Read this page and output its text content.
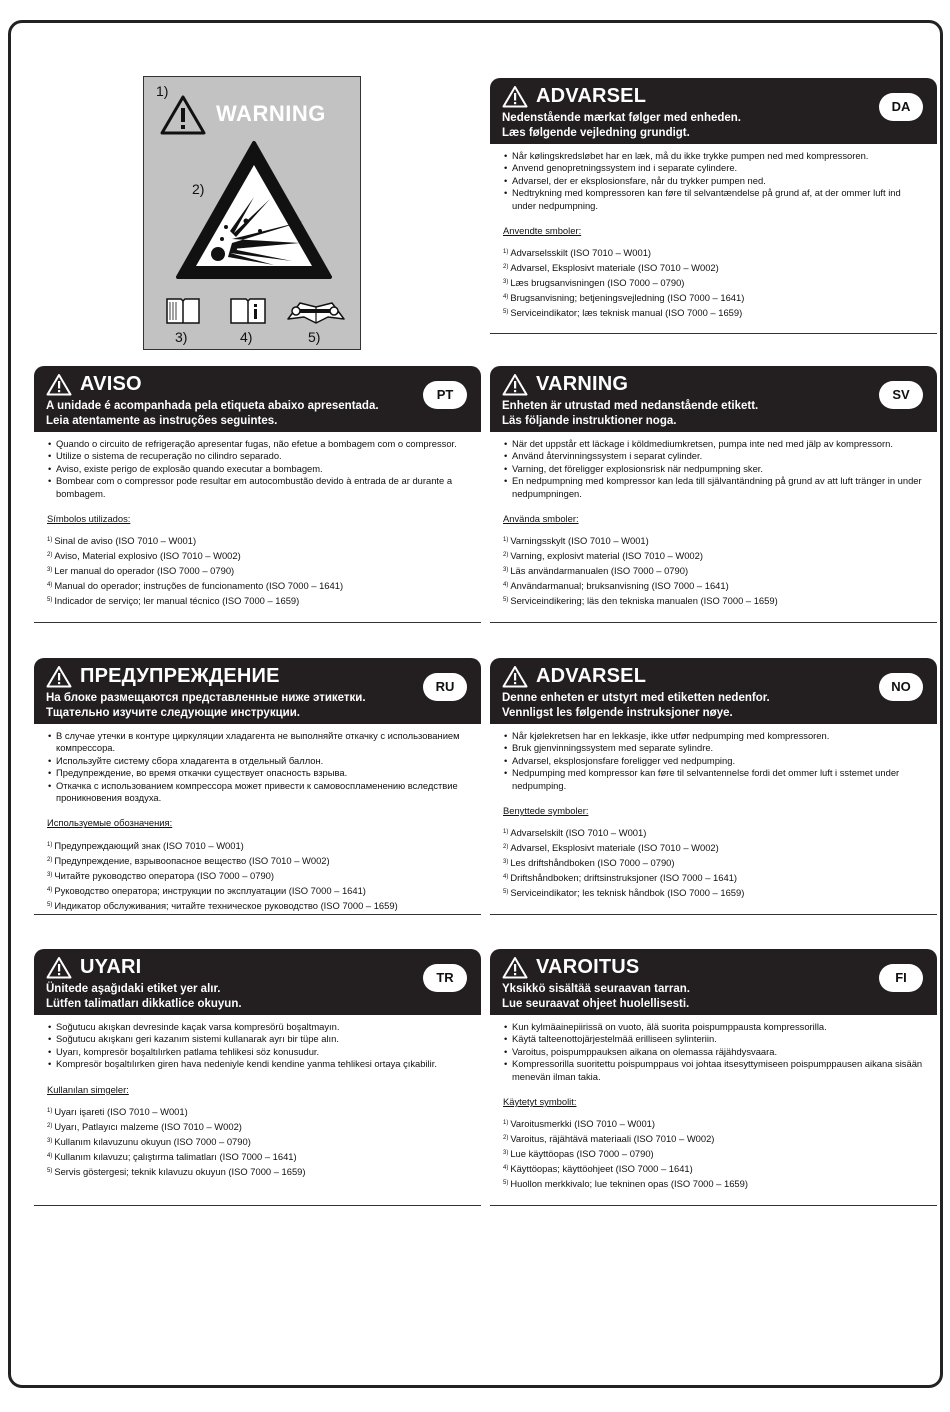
1)
WARNING
2)
3)	4)	5)
ADVARSEL
Nedenstående mærkat følger med enheden.
Læs følgende vejledning grundigt.
DA
• Når kølingskredsløbet har en læk, må du ikke trykke pumpen ned med kompressoren.
• Anvend genopretningssystem ind i separate cylindere.
• Advarsel, der er eksplosionsfare, når du trykker pumpen ned.
• Nedtrykning med kompressoren kan føre til selvantændelse på grund af, at der ommer luft ind under nedpumpning.
Anvendte smboler:

$^{1)}$ Advarselsskilt (ISO 7010 – W001)

$^{2)}$ Advarsel, Eksplosivt materiale (ISO 7010 – W002)

$^{3)}$ Læs brugsanvisningen (ISO 7000 – 0790)

$^{4)}$ Brugsanvisning; betjeningsvejledning (ISO 7000 – 1641)

$^{5)}$ Serviceindikator; læs teknisk manual (ISO 7000 – 1659)

AVISO
A unidade é acompanhada pela etiqueta abaixo apresentada.
Leia atentamente as instruções seguintes.
PT
• Quando o circuito de refrigeração apresentar fugas, não efetue a bombagem com o compressor.
• Utilize o sistema de recuperação no cilindro separado.
• Aviso, existe perigo de explosão quando executar a bombagem.
• Bombear com o compressor pode resultar em autocombustão devido à entrada de ar durante a bombagem.
Símbolos utilizados:

$^{1)}$ Sinal de aviso (ISO 7010 – W001)

$^{2)}$ Aviso, Material explosivo (ISO 7010 – W002)

$^{3)}$ Ler manual do operador (ISO 7000 – 0790)

$^{4)}$ Manual do operador; instruções de funcionamento (ISO 7000 – 1641)

$^{5)}$ Indicador de serviço; ler manual técnico (ISO 7000 – 1659)

VARNING
Enheten är utrustad med nedanstående etikett.
Läs följande instruktioner noga.
SV
• När det uppstår ett läckage i köldmediumkretsen, pumpa inte ned med jälp av kompressorn.
• Använd återvinningssystem i separat cylinder.
• Varning, det föreligger explosionsrisk när nedpumpning sker.
• En nedpumpning med kompressor kan leda till självantändning på grund av att luft tränger in under nedpumpningen.
Använda smboler:

$^{1)}$ Varningsskylt (ISO 7010 – W001)

$^{2)}$ Varning, explosivt material (ISO 7010 – W002)

$^{3)}$ Läs användarmanualen (ISO 7000 – 0790)

$^{4)}$ Användarmanual; bruksanvisning (ISO 7000 – 1641)

$^{5)}$ Serviceindikering; läs den tekniska manualen (ISO 7000 – 1659)

ПРЕДУПРЕЖДЕНИЕ
На блоке размещаются представленные ниже этикетки.
Тщательно изучите следующие инструкции.
RU
• В случае утечки в контуре циркуляции хладагента не выполняйте откачку с использованием компрессора.
• Используйте систему сбора хладагента в отдельный баллон.
• Предупреждение, во время откачки существует опасность взрыва.
• Откачка с использованием компрессора может привести к самовоспламенению вследствие проникновения воздуха.
Используемые обозначения:

$^{1)}$ Предупреждающий знак (ISO 7010 – W001)

$^{2)}$ Предупреждение, взрывоопасное вещество (ISO 7010 – W002)

$^{3)}$ Читайте руководство оператора (ISO 7000 – 0790)

$^{4)}$ Руководство оператора; инструкции по эксплуатации (ISO 7000 – 1641)

$^{5)}$ Индикатор обслуживания; читайте техническое руководство (ISO 7000 – 1659)

ADVARSEL
Denne enheten er utstyrt med etiketten nedenfor.
Vennligst les følgende instruksjoner nøye.
NO
• Når kjølekretsen har en lekkasje, ikke utfør nedpumping med kompressoren.
• Bruk gjenvinningssystem med separate sylindre.
• Advarsel, eksplosjonsfare foreligger ved nedpumping.
• Nedpumping med kompressor kan føre til selvantennelse fordi det ommer luft i sstemet under nedpumping.
Benyttede symboler:

$^{1)}$ Advarselskilt (ISO 7010 – W001)

$^{2)}$ Advarsel, Eksplosivt materiale (ISO 7010 – W002)

$^{3)}$ Les driftshåndboken (ISO 7000 – 0790)

$^{4)}$ Driftshåndboken; driftsinstruksjoner (ISO 7000 – 1641)

$^{5)}$ Serviceindikator; les teknisk håndbok (ISO 7000 – 1659)

UYARI
Ünitede aşağıdaki etiket yer alır.
Lütfen talimatları dikkatlice okuyun.
TR
• Soğutucu akışkan devresinde kaçak varsa kompresörü boşaltmayın.
• Soğutucu akışkanı geri kazanım sistemi kullanarak ayrı bir tüpe alın.
• Uyarı, kompresör boşaltılırken patlama tehlikesi söz konusudur.
• Kompresör boşaltılırken giren hava nedeniyle kendi kendine yanma tehlikesi ortaya çıkabilir.
Kullanılan simgeler:

$^{1)}$ Uyarı işareti (ISO 7010 – W001)

$^{2)}$ Uyarı, Patlayıcı malzeme (ISO 7010 – W002)

$^{3)}$ Kullanım kılavuzunu okuyun (ISO 7000 – 0790)

$^{4)}$ Kullanım kılavuzu; çalıştırma talimatları (ISO 7000 – 1641)

$^{5)}$ Servis göstergesi; teknik kılavuzu okuyun (ISO 7000 – 1659)

VAROITUS
Yksikkö sisältää seuraavan tarran.
Lue seuraavat ohjeet huolellisesti.
FI
• Kun kylmäainepiirissä on vuoto, älä suorita poispumppausta kompressorilla.
• Käytä talteenottojärjestelmää erilliseen sylinteriin.
• Varoitus, poispumppauksen aikana on olemassa räjähdysvaara.
• Kompressorilla suoritettu poispumppaus voi johtaa itsesyttymiseen poispumppausen aikana sisään menevän ilman takia.
Käytetyt symbolit:

$^{1)}$ Varoitusmerkki (ISO 7010 – W001)

$^{2)}$ Varoitus, räjähtävä materiaali (ISO 7010 – W002)

$^{3)}$ Lue käyttöopas (ISO 7000 – 0790)

$^{4)}$ Käyttöopas; käyttöohjeet (ISO 7000 – 1641)

$^{5)}$ Huollon merkkivalo; lue tekninen opas (ISO 7000 – 1659)
